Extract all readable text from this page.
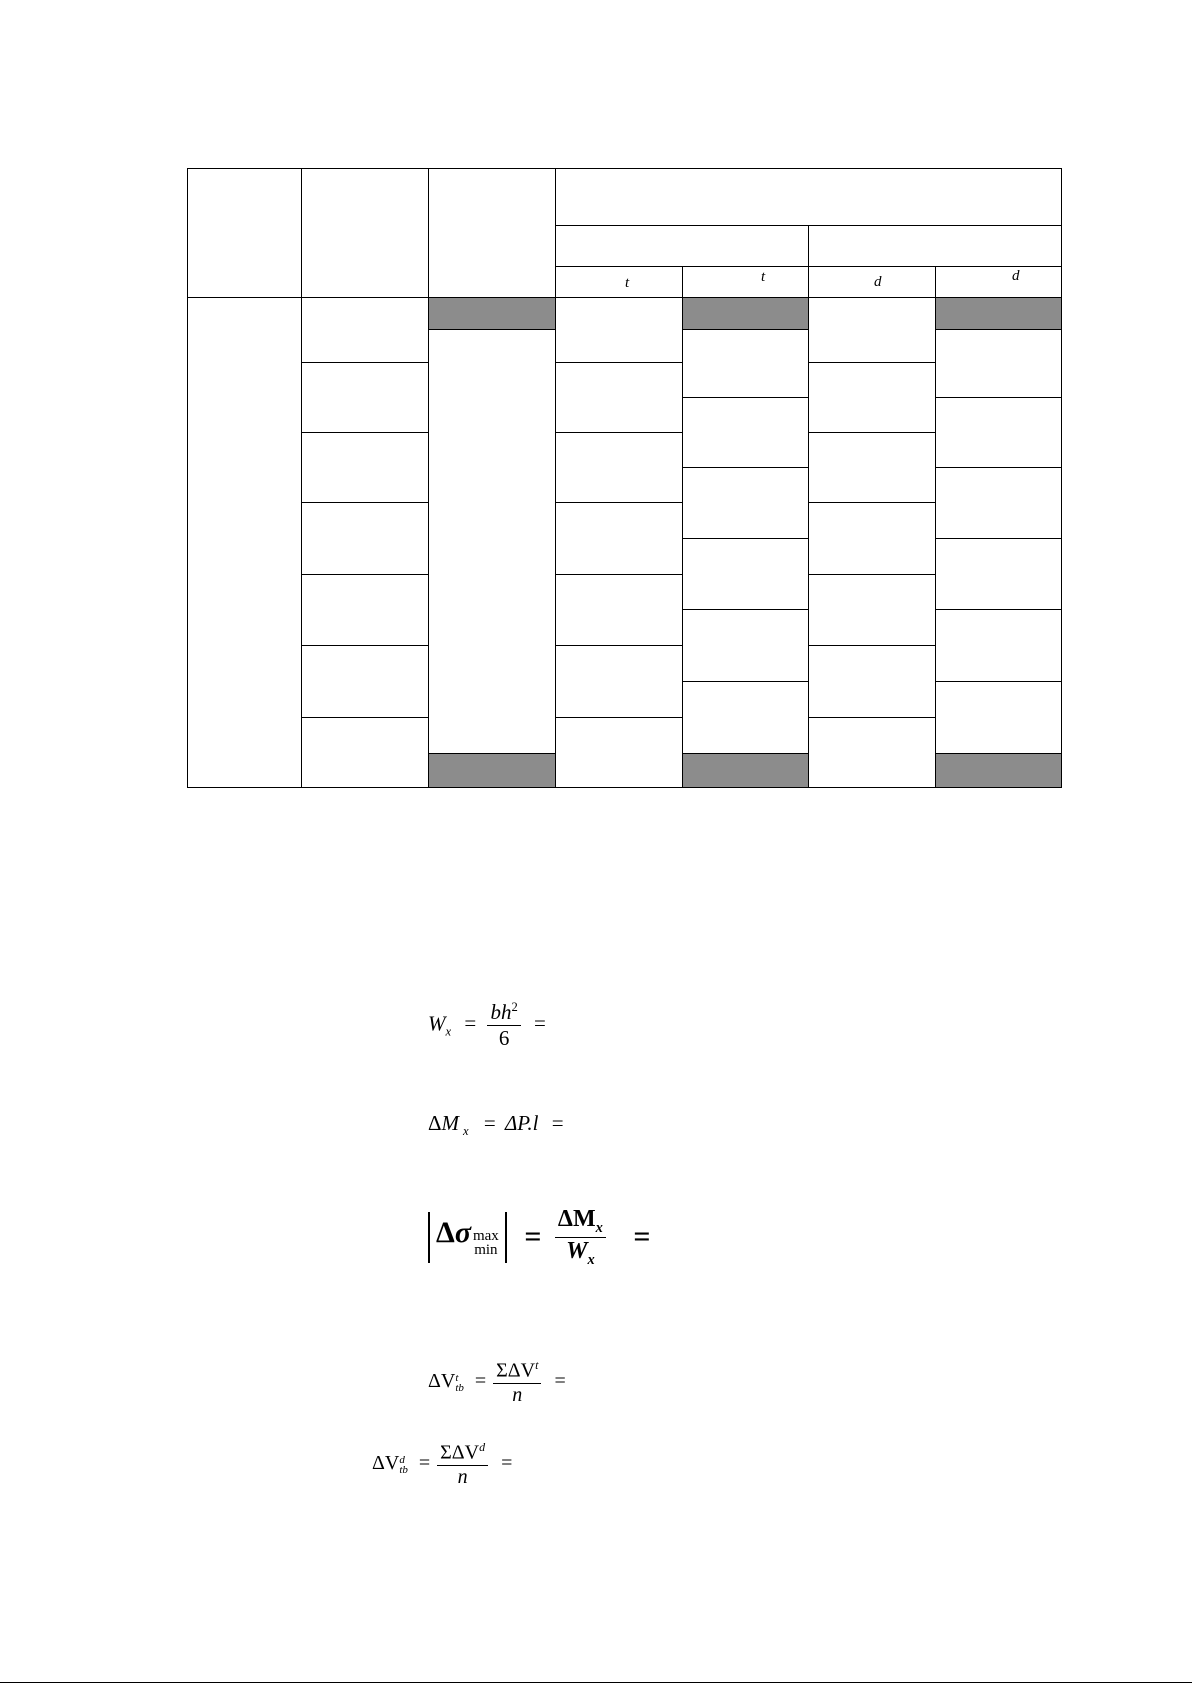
t	t	d	d
$W_x = \frac{bh^2}{6}$ =
ΔM $_x$ = ΔP.l =
Δσ max
$\min = \frac{\Delta M_x}{W_x}$ =
ΔV t
tb = $\frac{\Sigma\Delta V^t}{n}$ =
ΔV d
tb = $\frac{\Sigma\Delta V^d}{n}$ =
